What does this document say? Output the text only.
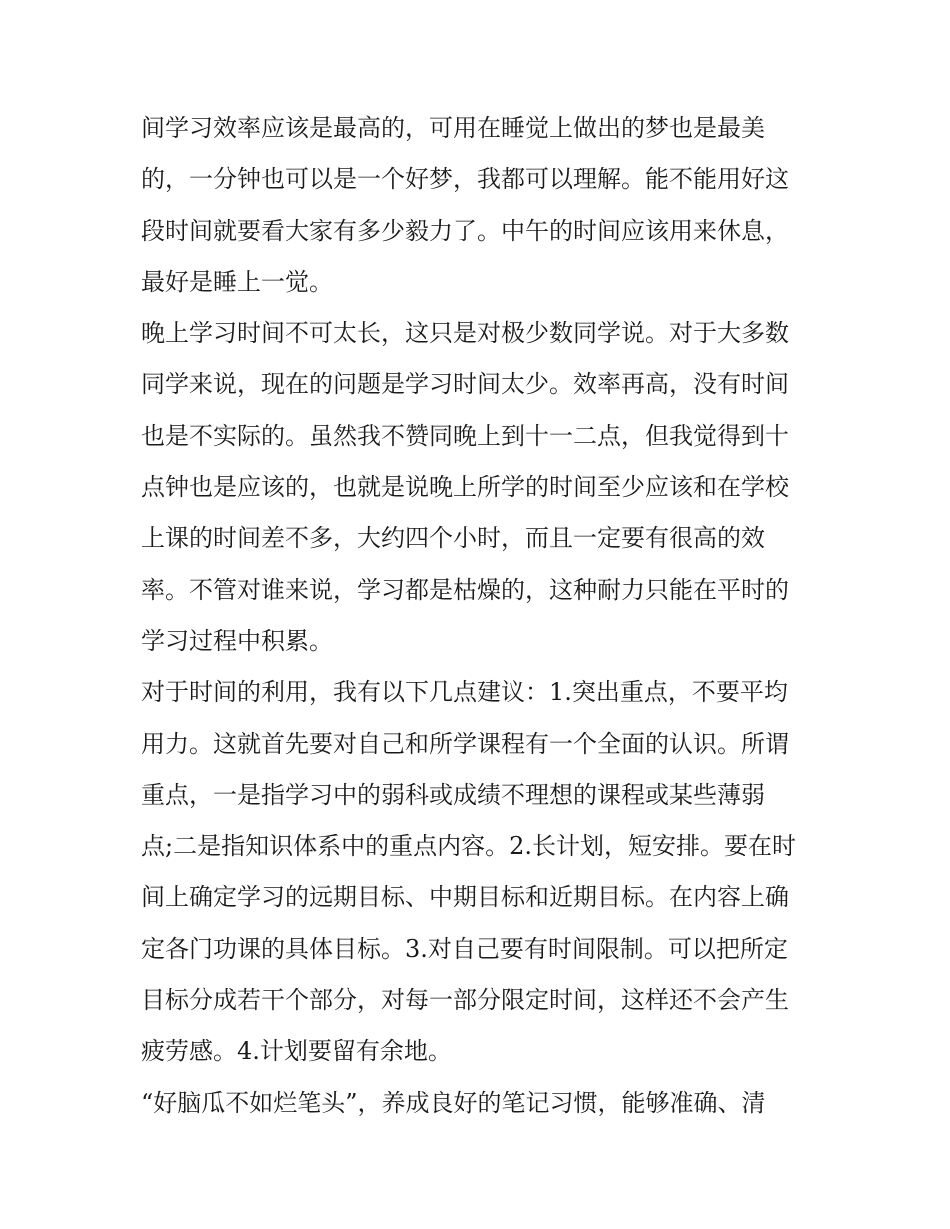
间学习效率应该是最高的，可用在睡觉上做出的梦也是最美
的，一分钟也可以是一个好梦，我都可以理解。能不能用好这
段时间就要看大家有多少毅力了。中午的时间应该用来休息，
最好是睡上一觉。
晚上学习时间不可太长，这只是对极少数同学说。对于大多数
同学来说，现在的问题是学习时间太少。效率再高，没有时间
也是不实际的。虽然我不赞同晚上到十一二点，但我觉得到十
点钟也是应该的，也就是说晚上所学的时间至少应该和在学校
上课的时间差不多，大约四个小时，而且一定要有很高的效
率。不管对谁来说，学习都是枯燥的，这种耐力只能在平时的
学习过程中积累。
对于时间的利用，我有以下几点建议：1.突出重点，不要平均
用力。这就首先要对自己和所学课程有一个全面的认识。所谓
重点，一是指学习中的弱科或成绩不理想的课程或某些薄弱
点;二是指知识体系中的重点内容。2.长计划，短安排。要在时
间上确定学习的远期目标、中期目标和近期目标。在内容上确
定各门功课的具体目标。3.对自己要有时间限制。可以把所定
目标分成若干个部分，对每一部分限定时间，这样还不会产生
疲劳感。4.计划要留有余地。
“好脑瓜不如烂笔头”，养成良好的笔记习惯，能够准确、清
